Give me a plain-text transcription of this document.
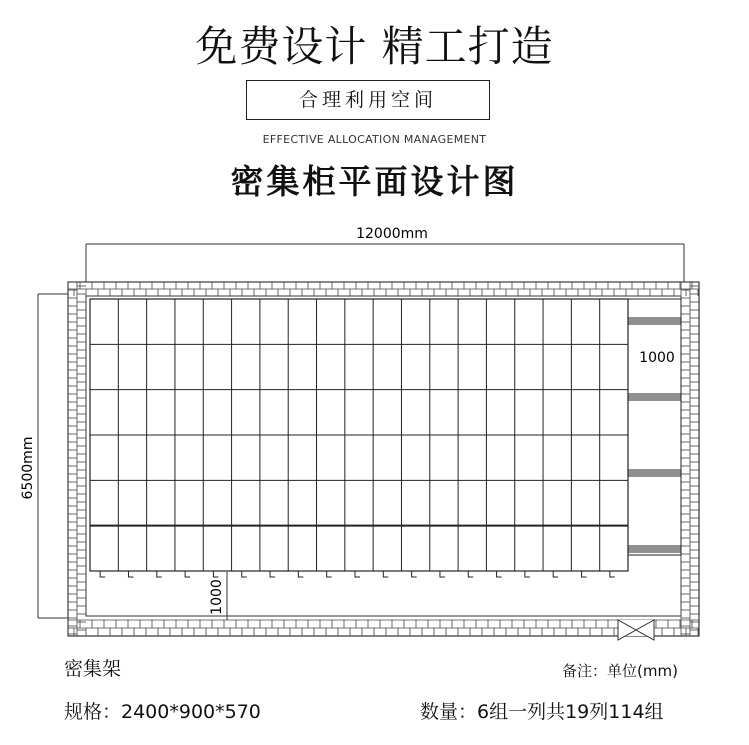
免费设计 精工打造
合理利用空间
EFFECTIVE ALLOCATION MANAGEMENT
密集柜平面设计图
12000mm
6500mm
1000
1000
密集架	备注：单位(mm)
规格：2400*900*570	数量：6组一列共19列114组
